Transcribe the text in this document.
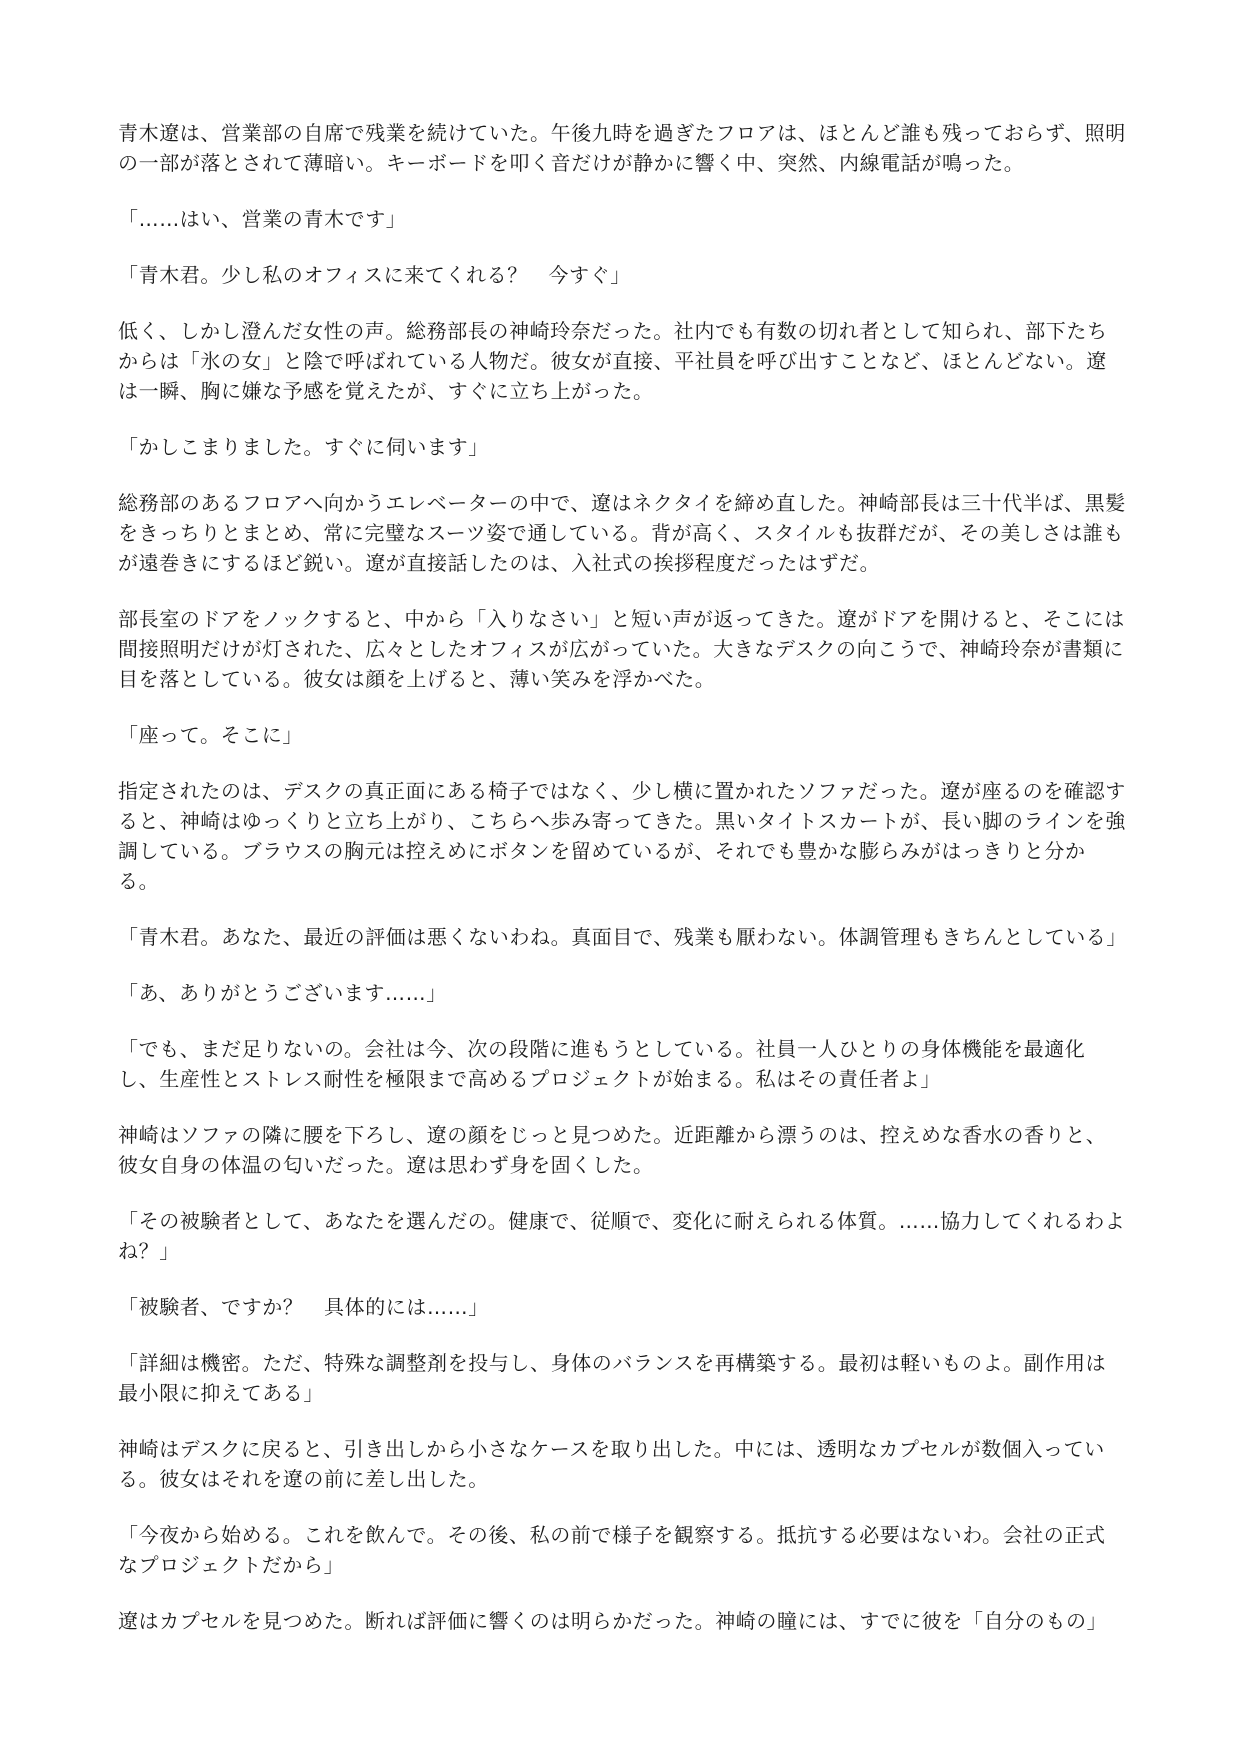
青木遼は、営業部の自席で残業を続けていた。午後九時を過ぎたフロアは、ほとんど誰も残っておらず、照明の一部が落とされて薄暗い。キーボードを叩く音だけが静かに響く中、突然、内線電話が鳴った。

「……はい、営業の青木です」

「青木君。少し私のオフィスに来てくれる？　今すぐ」

低く、しかし澄んだ女性の声。総務部長の神崎玲奈だった。社内でも有数の切れ者として知られ、部下たちからは「氷の女」と陰で呼ばれている人物だ。彼女が直接、平社員を呼び出すことなど、ほとんどない。遼は一瞬、胸に嫌な予感を覚えたが、すぐに立ち上がった。

「かしこまりました。すぐに伺います」

総務部のあるフロアへ向かうエレベーターの中で、遼はネクタイを締め直した。神崎部長は三十代半ば、黒髪をきっちりとまとめ、常に完璧なスーツ姿で通している。背が高く、スタイルも抜群だが、その美しさは誰もが遠巻きにするほど鋭い。遼が直接話したのは、入社式の挨拶程度だったはずだ。

部長室のドアをノックすると、中から「入りなさい」と短い声が返ってきた。遼がドアを開けると、そこには間接照明だけが灯された、広々としたオフィスが広がっていた。大きなデスクの向こうで、神崎玲奈が書類に目を落としている。彼女は顔を上げると、薄い笑みを浮かべた。

「座って。そこに」

指定されたのは、デスクの真正面にある椅子ではなく、少し横に置かれたソファだった。遼が座るのを確認すると、神崎はゆっくりと立ち上がり、こちらへ歩み寄ってきた。黒いタイトスカートが、長い脚のラインを強調している。ブラウスの胸元は控えめにボタンを留めているが、それでも豊かな膨らみがはっきりと分かる。

「青木君。あなた、最近の評価は悪くないわね。真面目で、残業も厭わない。体調管理もきちんとしている」

「あ、ありがとうございます……」

「でも、まだ足りないの。会社は今、次の段階に進もうとしている。社員一人ひとりの身体機能を最適化し、生産性とストレス耐性を極限まで高めるプロジェクトが始まる。私はその責任者よ」

神崎はソファの隣に腰を下ろし、遼の顔をじっと見つめた。近距離から漂うのは、控えめな香水の香りと、彼女自身の体温の匂いだった。遼は思わず身を固くした。

「その被験者として、あなたを選んだの。健康で、従順で、変化に耐えられる体質。……協力してくれるわよね？」

「被験者、ですか？　具体的には……」

「詳細は機密。ただ、特殊な調整剤を投与し、身体のバランスを再構築する。最初は軽いものよ。副作用は最小限に抑えてある」

神崎はデスクに戻ると、引き出しから小さなケースを取り出した。中には、透明なカプセルが数個入っている。彼女はそれを遼の前に差し出した。

「今夜から始める。これを飲んで。その後、私の前で様子を観察する。抵抗する必要はないわ。会社の正式なプロジェクトだから」

遼はカプセルを見つめた。断れば評価に響くのは明らかだった。神崎の瞳には、すでに彼を「自分のもの」
